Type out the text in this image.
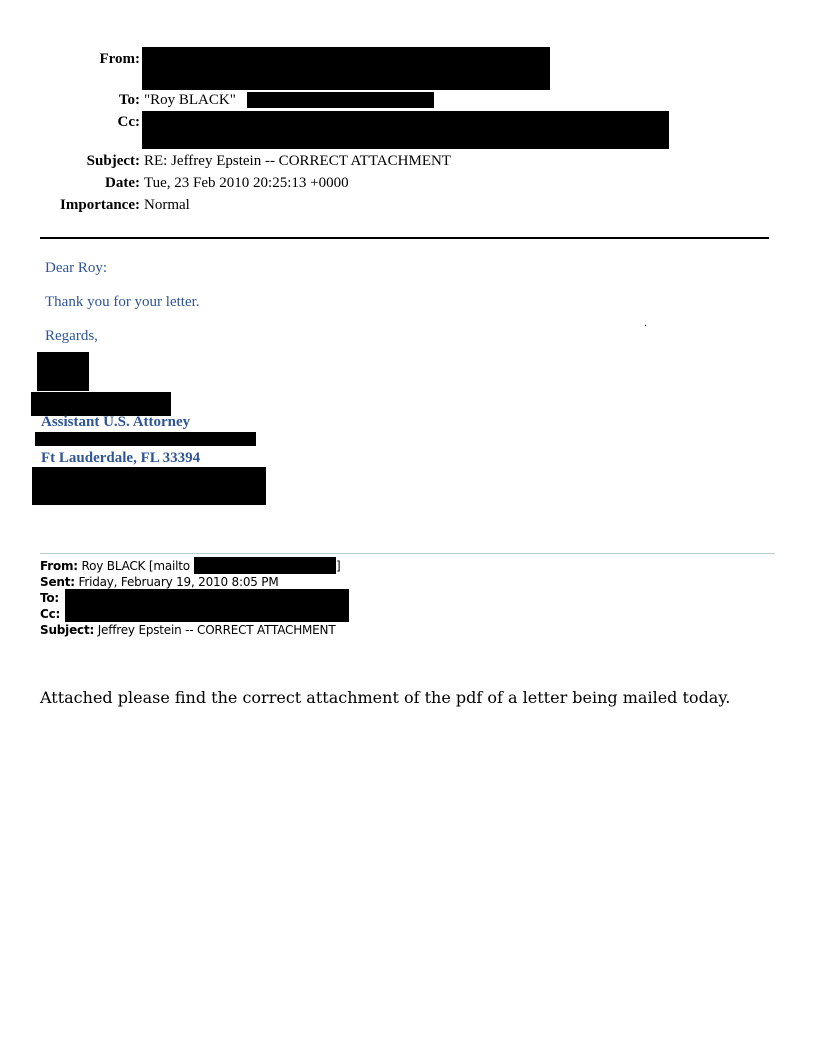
From:
To: "Roy BLACK"
Cc:
Subject: RE: Jeffrey Epstein -- CORRECT ATTACHMENT
Date: Tue, 23 Feb 2010 20:25:13 +0000
Importance: Normal
Dear Roy:
Thank you for your letter.
.
Regards,
Assistant U.S. Attorney
Ft Lauderdale, FL 33394
From: Roy BLACK [mailto	]
Sent: Friday, February 19, 2010 8:05 PM
To:
Cc:
Subject: Jeffrey Epstein -- CORRECT ATTACHMENT
Attached please find the correct attachment of the pdf of a letter being mailed today.
